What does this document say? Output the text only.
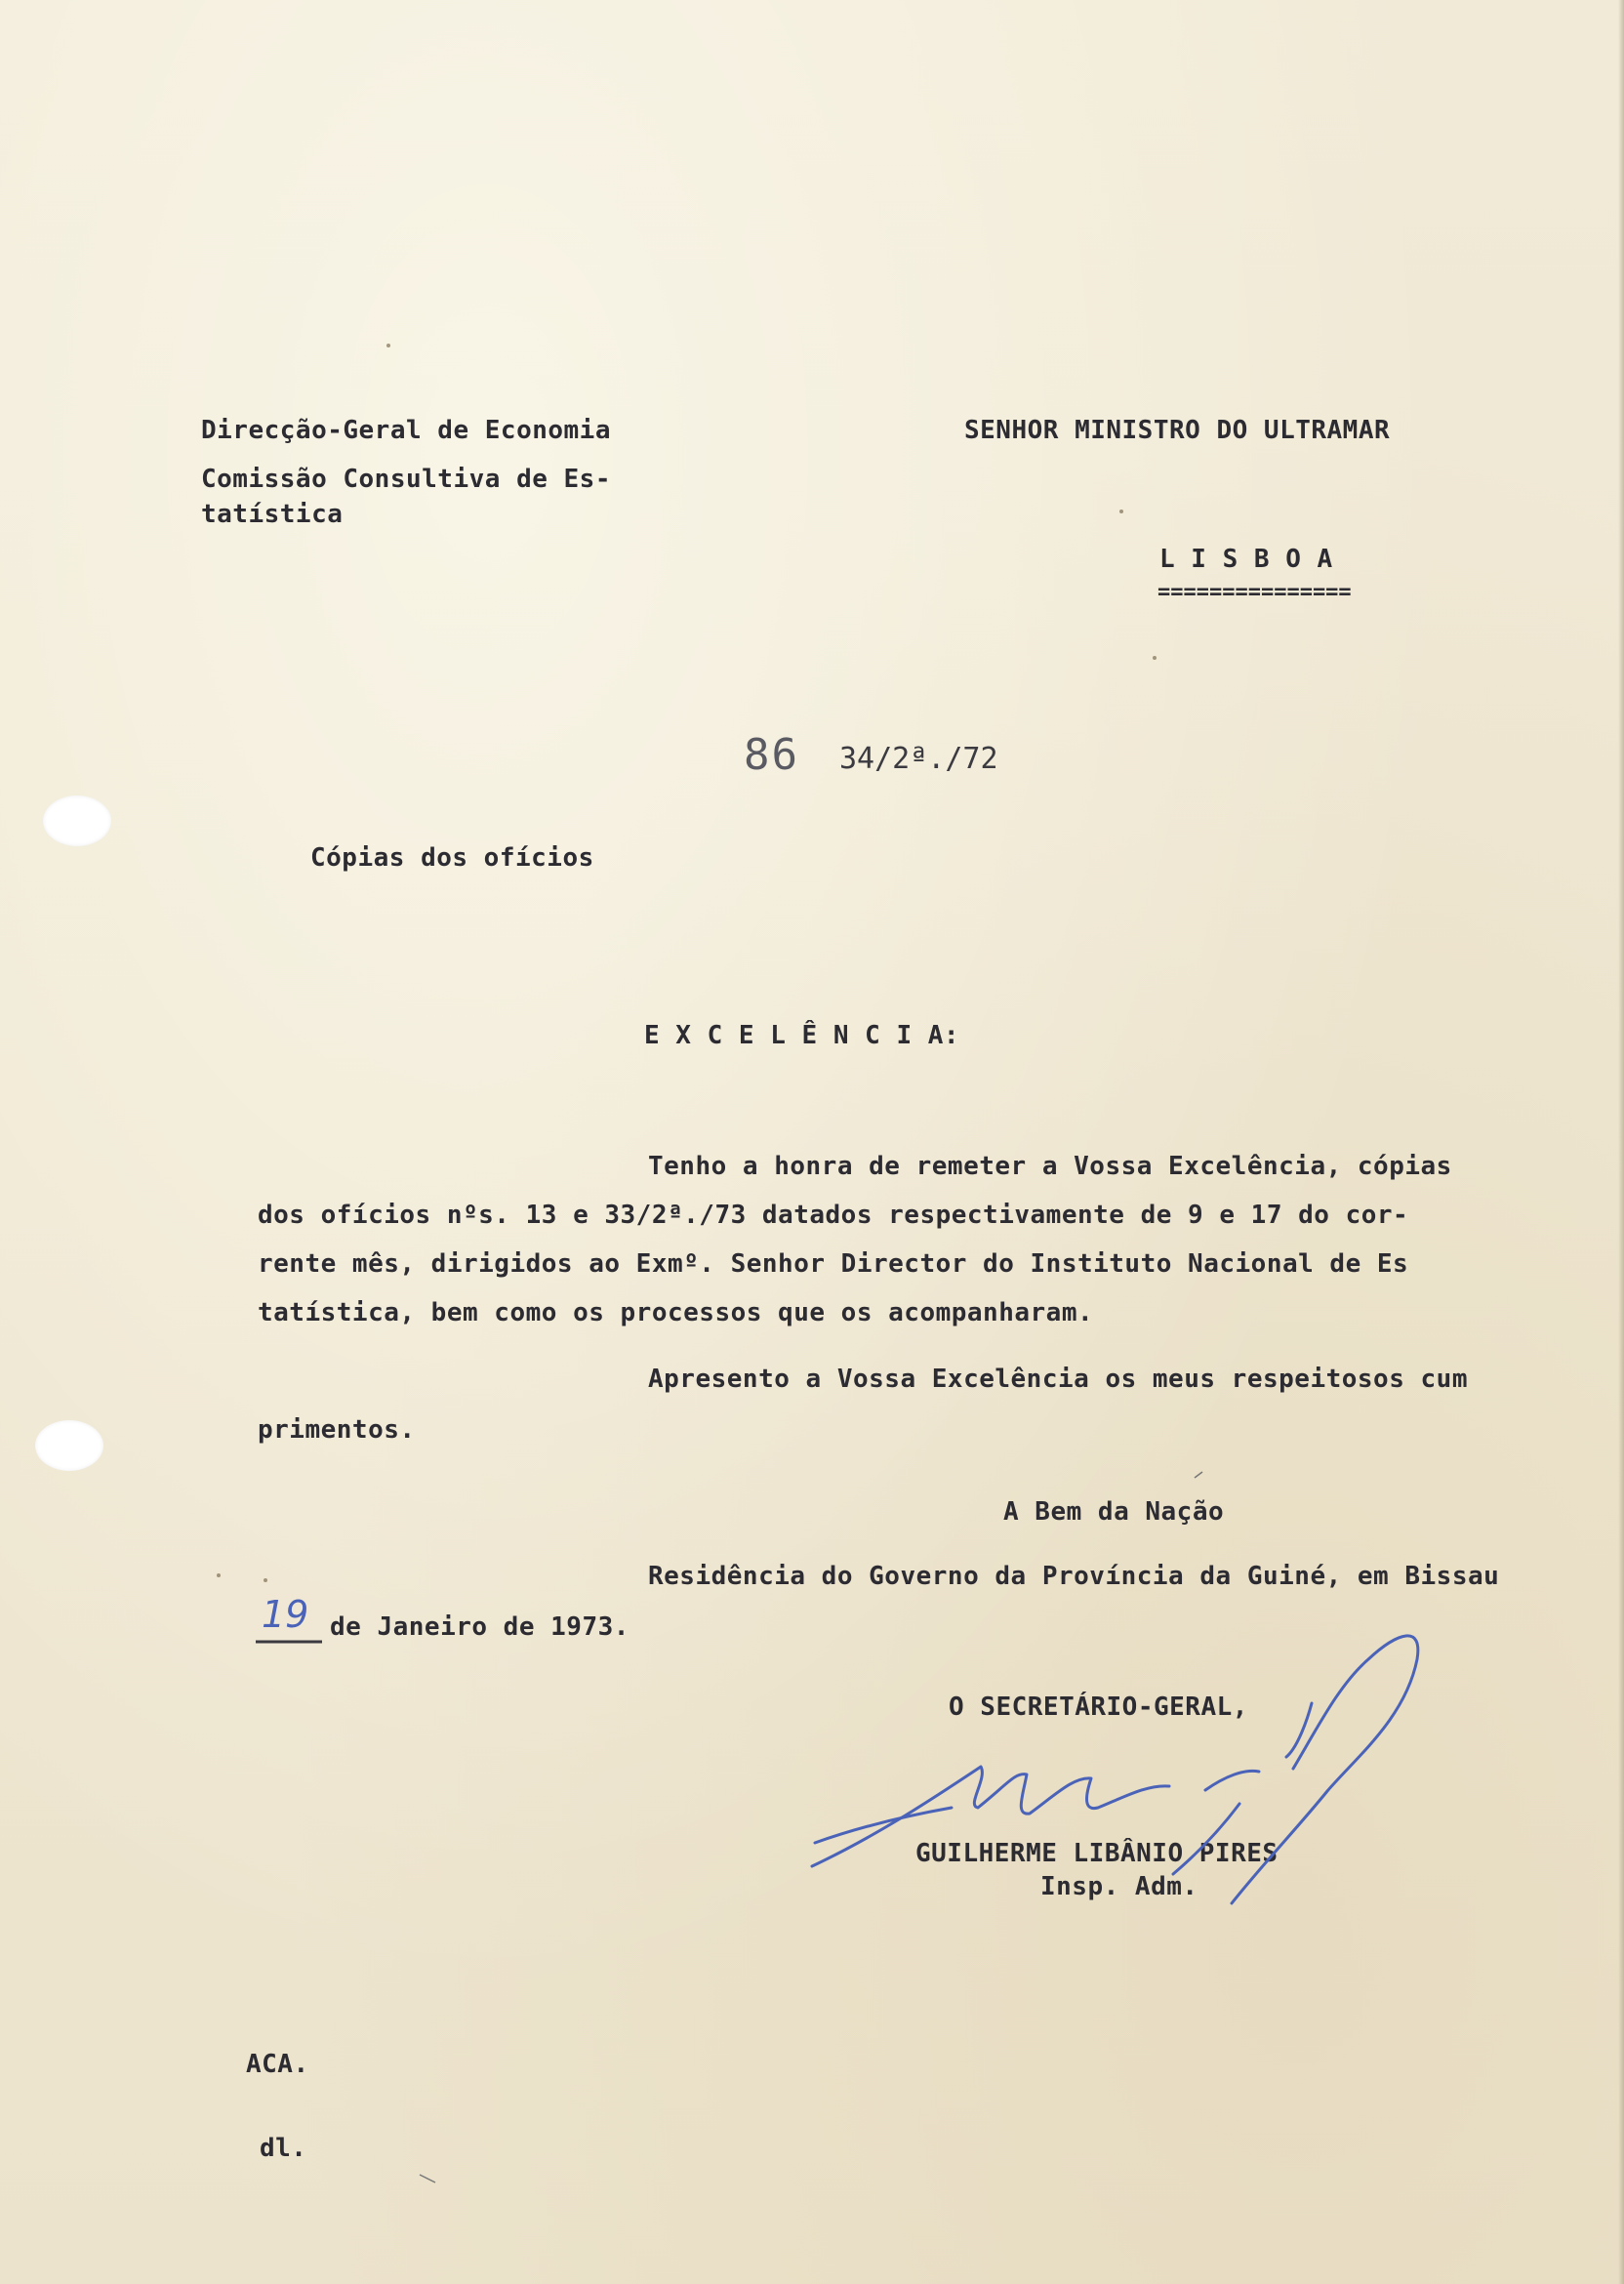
Direcção-Geral de Economia
Comissão Consultiva de Es-
tatística
SENHOR MINISTRO DO ULTRAMAR
L I S B O A
===============
86 34/2ª./72
Cópias dos ofícios
E X C E L Ê N C I A:
Tenho a honra de remeter a Vossa Excelência, cópias
dos ofícios nºs. 13 e 33/2ª./73 datados respectivamente de 9 e 17 do cor-
rente mês, dirigidos ao Exmº. Senhor Director do Instituto Nacional de Es
tatística, bem como os processos que os acompanharam.
Apresento a Vossa Excelência os meus respeitosos cum
primentos.
A Bem da Nação
Residência do Governo da Província da Guiné, em Bissau
19 de Janeiro de 1973.
O SECRETÁRIO-GERAL,
GUILHERME LIBÂNIO PIRES
Insp. Adm.
ACA.
dl.
